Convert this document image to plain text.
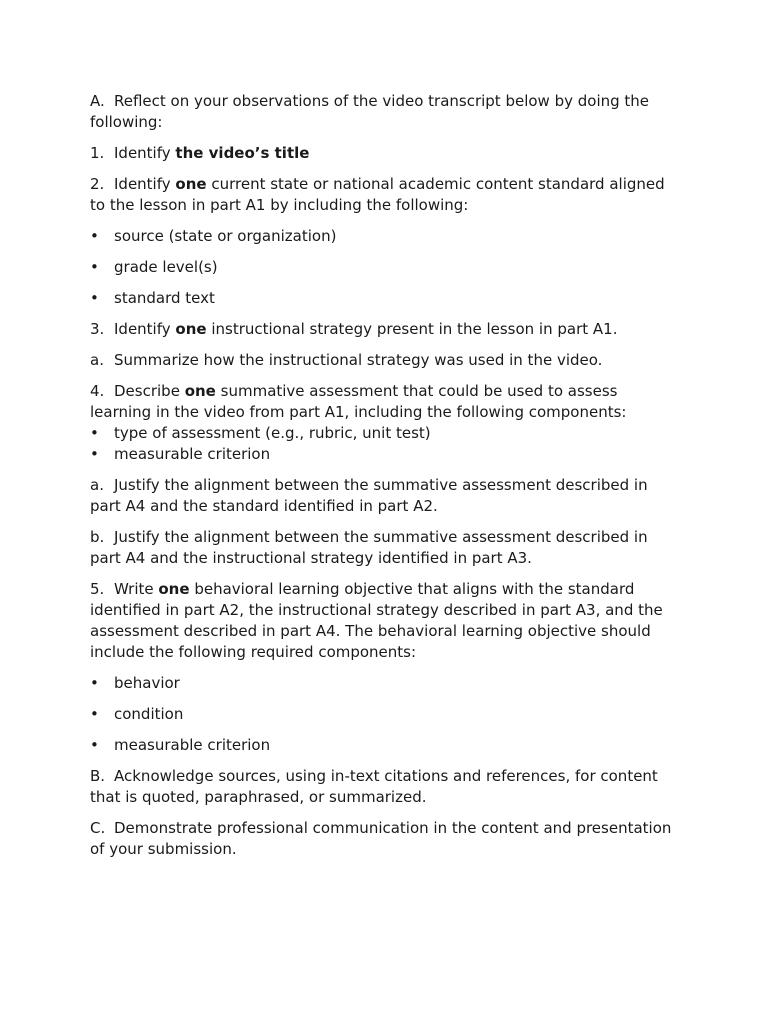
A. Reflect on your observations of the video transcript below by doing the following:

1. Identify the video’s title

2. Identify one current state or national academic content standard aligned to the lesson in part A1 by including the following:

• source (state or organization)

• grade level(s)

• standard text

3. Identify one instructional strategy present in the lesson in part A1.

a. Summarize how the instructional strategy was used in the video.

4. Describe one summative assessment that could be used to assess learning in the video from part A1, including the following components:

• type of assessment (e.g., rubric, unit test)

• measurable criterion

a. Justify the alignment between the summative assessment described in part A4 and the standard identified in part A2.

b. Justify the alignment between the summative assessment described in part A4 and the instructional strategy identified in part A3.

5. Write one behavioral learning objective that aligns with the standard identified in part A2, the instructional strategy described in part A3, and the assessment described in part A4. The behavioral learning objective should include the following required components:

• behavior

• condition

• measurable criterion

B. Acknowledge sources, using in-text citations and references, for content that is quoted, paraphrased, or summarized.

C. Demonstrate professional communication in the content and presentation of your submission.
